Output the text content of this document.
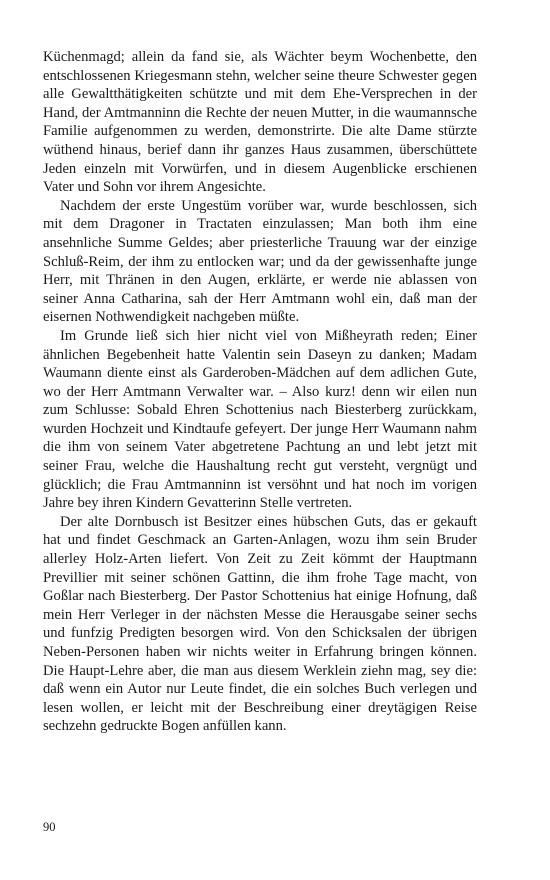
Küchenmagd; allein da fand sie, als Wächter beym Wochenbette, den entschlossenen Kriegesmann stehn, welcher seine theure Schwester gegen alle Gewaltthätigkeiten schützte und mit dem Ehe-Versprechen in der Hand, der Amtmanninn die Rechte der neuen Mutter, in die waumannsche Familie aufgenommen zu werden, demonstrirte. Die alte Dame stürzte wüthend hinaus, berief dann ihr ganzes Haus zusammen, überschüttete Jeden einzeln mit Vorwürfen, und in diesem Augenblicke erschienen Vater und Sohn vor ihrem Angesichte.

Nachdem der erste Ungestüm vorüber war, wurde beschlossen, sich mit dem Dragoner in Tractaten einzulassen; Man both ihm eine ansehnliche Summe Geldes; aber priesterliche Trauung war der einzige Schluß-Reim, der ihm zu entlocken war; und da der gewissenhafte junge Herr, mit Thränen in den Augen, erklärte, er werde nie ablassen von seiner Anna Catharina, sah der Herr Amtmann wohl ein, daß man der eisernen Nothwendigkeit nachgeben müßte.

Im Grunde ließ sich hier nicht viel von Mißheyrath reden; Einer ähnlichen Begebenheit hatte Valentin sein Daseyn zu danken; Madam Waumann diente einst als Garderoben-Mädchen auf dem adlichen Gute, wo der Herr Amtmann Verwalter war. – Also kurz! denn wir eilen nun zum Schlusse: Sobald Ehren Schottenius nach Biesterberg zurückkam, wurden Hochzeit und Kindtaufe gefeyert. Der junge Herr Waumann nahm die ihm von seinem Vater abgetretene Pachtung an und lebt jetzt mit seiner Frau, welche die Haushaltung recht gut versteht, vergnügt und glücklich; die Frau Amtmanninn ist versöhnt und hat noch im vorigen Jahre bey ihren Kindern Gevatterinn Stelle vertreten.

Der alte Dornbusch ist Besitzer eines hübschen Guts, das er gekauft hat und findet Geschmack an Garten-Anlagen, wozu ihm sein Bruder allerley Holz-Arten liefert. Von Zeit zu Zeit kömmt der Hauptmann Previllier mit seiner schönen Gattinn, die ihm frohe Tage macht, von Goßlar nach Biesterberg. Der Pastor Schottenius hat einige Hofnung, daß mein Herr Verleger in der nächsten Messe die Herausgabe seiner sechs und funfzig Predigten besorgen wird. Von den Schicksalen der übrigen Neben-Personen haben wir nichts weiter in Erfahrung bringen können. Die Haupt-Lehre aber, die man aus diesem Werklein ziehn mag, sey die: daß wenn ein Autor nur Leute findet, die ein solches Buch verlegen und lesen wollen, er leicht mit der Beschreibung einer dreytägigen Reise sechzehn gedruckte Bogen anfüllen kann.

90
